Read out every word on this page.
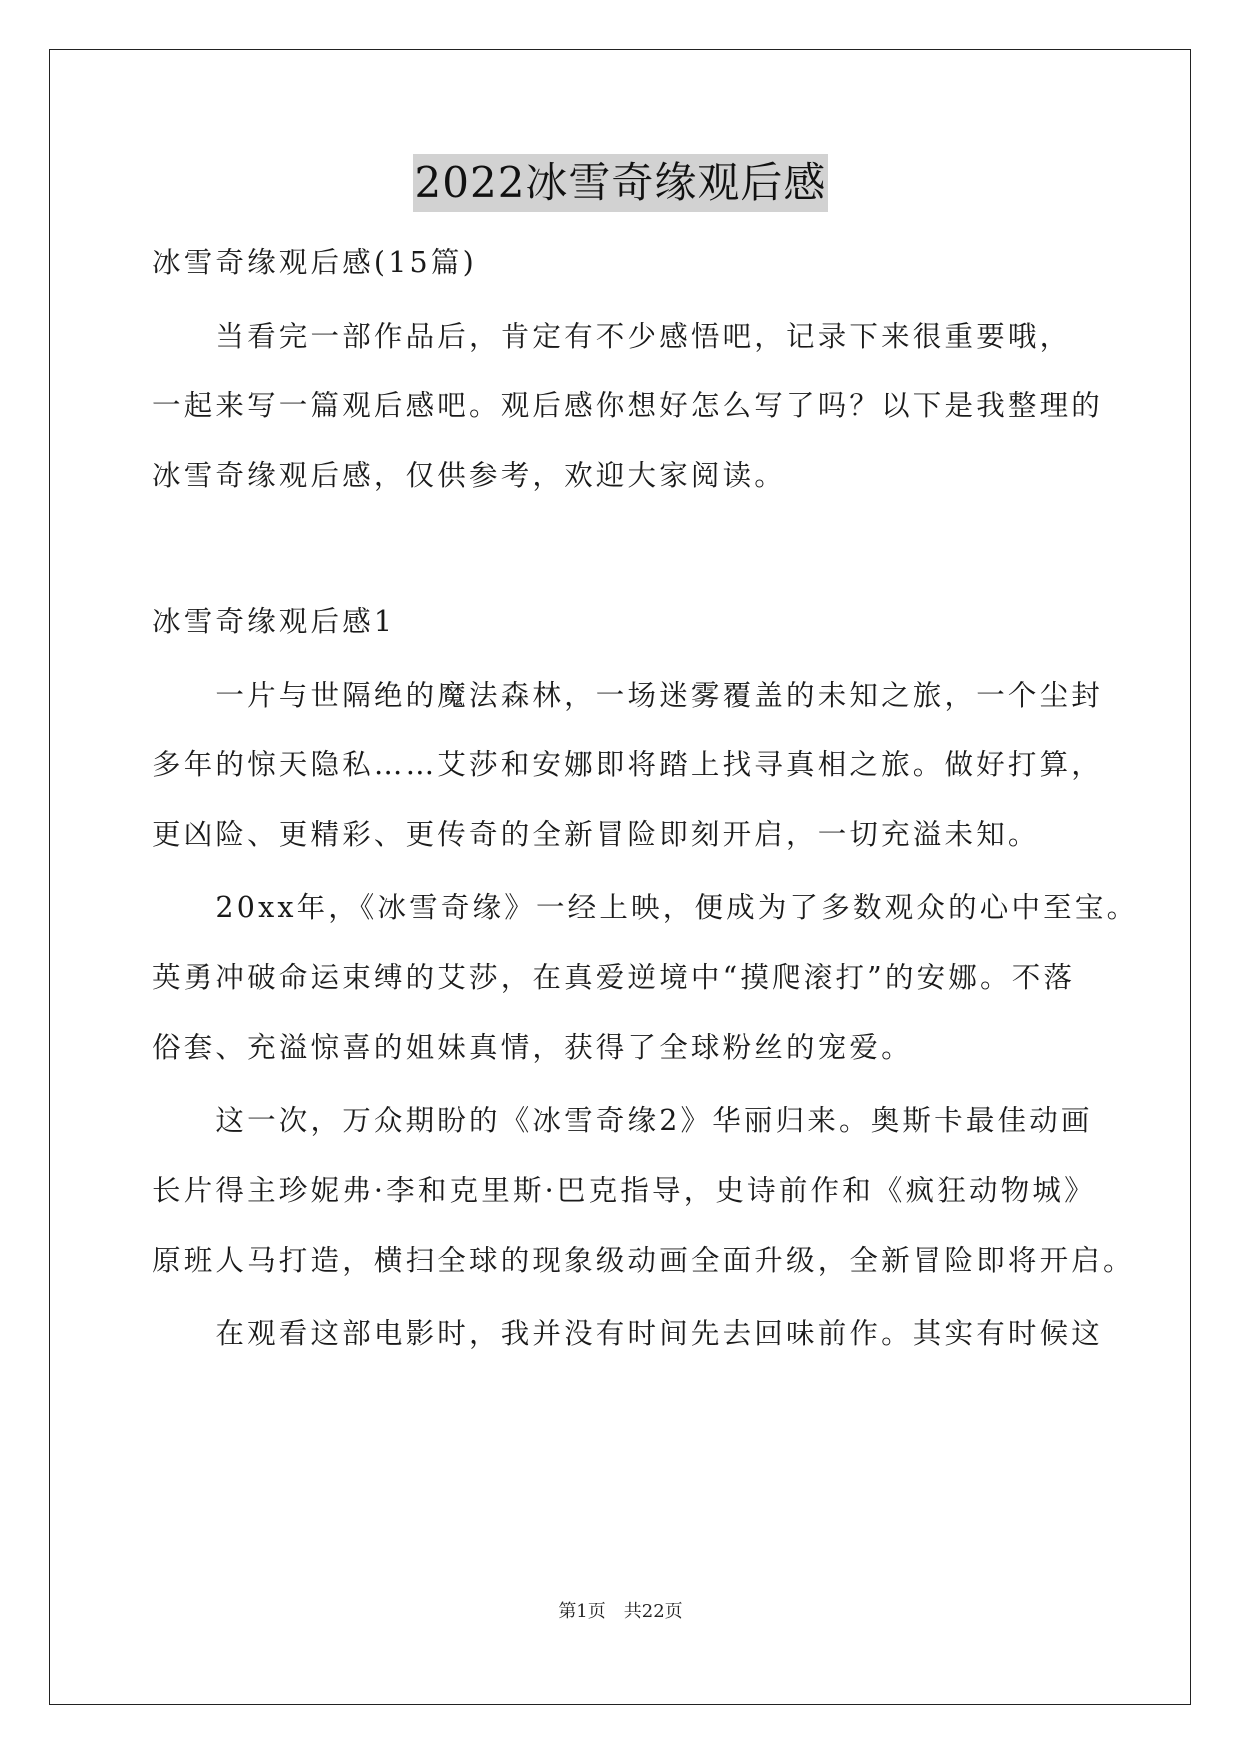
2022冰雪奇缘观后感
冰雪奇缘观后感(15篇)
　　当看完一部作品后，肯定有不少感悟吧，记录下来很重要哦，
一起来写一篇观后感吧。观后感你想好怎么写了吗？以下是我整理的
冰雪奇缘观后感，仅供参考，欢迎大家阅读。
冰雪奇缘观后感1
　　一片与世隔绝的魔法森林，一场迷雾覆盖的未知之旅，一个尘封
多年的惊天隐私……艾莎和安娜即将踏上找寻真相之旅。做好打算，
更凶险、更精彩、更传奇的全新冒险即刻开启，一切充溢未知。
　　20xx年，《冰雪奇缘》一经上映，便成为了多数观众的心中至宝。
英勇冲破命运束缚的艾莎，在真爱逆境中“摸爬滚打”的安娜。不落
俗套、充溢惊喜的姐妹真情，获得了全球粉丝的宠爱。
　　这一次，万众期盼的《冰雪奇缘2》华丽归来。奥斯卡最佳动画
长片得主珍妮弗·李和克里斯·巴克指导，史诗前作和《疯狂动物城》
原班人马打造，横扫全球的现象级动画全面升级，全新冒险即将开启。
　　在观看这部电影时，我并没有时间先去回味前作。其实有时候这
第1页 共22页
